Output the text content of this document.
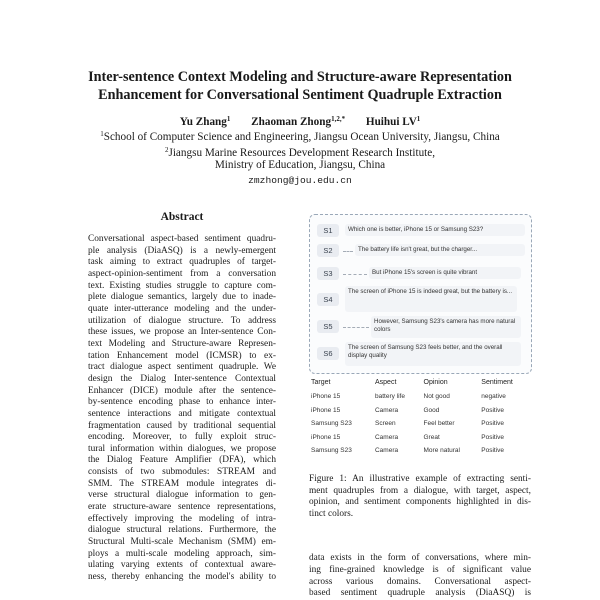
Inter-sentence Context Modeling and Structure-aware Representation
Enhancement for Conversational Sentiment Quadruple Extraction
Yu Zhang$^1$ Zhaoman Zhong$^{1,2,*}$ Huihui $LV^1$
$^1$School of Computer Science and Engineering, Jiangsu Ocean University, Jiangsu, China
$^2$Jiangsu Marine Resources Development Research Institute,
Ministry of Education, Jiangsu, China
zmzhong@jou.edu.cn
Abstract

Conversational aspect-based sentiment quadru-
ple analysis (DiaASQ) is a newly-emergent
task aiming to extract quadruples of target-
aspect-opinion-sentiment from a conversation
text. Existing studies struggle to capture com-
plete dialogue semantics, largely due to inade-
quate inter-utterance modeling and the under-
utilization of dialogue structure. To address
these issues, we propose an Inter-sentence Con-
text Modeling and Structure-aware Represen-
tation Enhancement model (ICMSR) to ex-
tract dialogue aspect sentiment quadruple. We
design the Dialog Inter-sentence Contextual
Enhancer (DICE) module after the sentence-
by-sentence encoding phase to enhance inter-
sentence interactions and mitigate contextual
fragmentation caused by traditional sequential
encoding. Moreover, to fully exploit struc-
tural information within dialogues, we propose
the Dialog Feature Amplifier (DFA), which
consists of two submodules: STREAM and
SMM. The STREAM module integrates di-
verse structural dialogue information to gen-
erate structure-aware sentence representations,
effectively improving the modeling of intra-
dialogue structural relations. Furthermore, the
Structural Multi-scale Mechanism (SMM) em-
ploys a multi-scale modeling approach, sim-
ulating varying extents of contextual aware-
ness, thereby enhancing the model's ability to

S1	Which one is better, iPhone 15 or Samsung S23?
S2	The battery life isn't great, but the charger...
S3	But iPhone 15's screen is quite vibrant
S4
The screen of iPhone 15 is indeed great, but the battery is...
S5
However, Samsung S23's camera has more natural colors
S6
The screen of Samsung S23 feels better, and the overall display quality
Target	Aspect	Opinion	Sentiment
iPhone 15	battery life	Not good	negative
iPhone 15	Camera	Good	Positive
Samsung S23	Screen	Feel better	Positive
iPhone 15	Camera	Great	Positive
Samsung S23	Camera	More natural	Positive

Figure 1: An illustrative example of extracting senti-
ment quadruples from a dialogue, with target, aspect,
opinion, and sentiment components highlighted in dis-
tinct colors.

data exists in the form of conversations, where min-
ing fine-grained knowledge is of significant value
across various domains. Conversational aspect-
based sentiment quadruple analysis (DiaASQ) is
